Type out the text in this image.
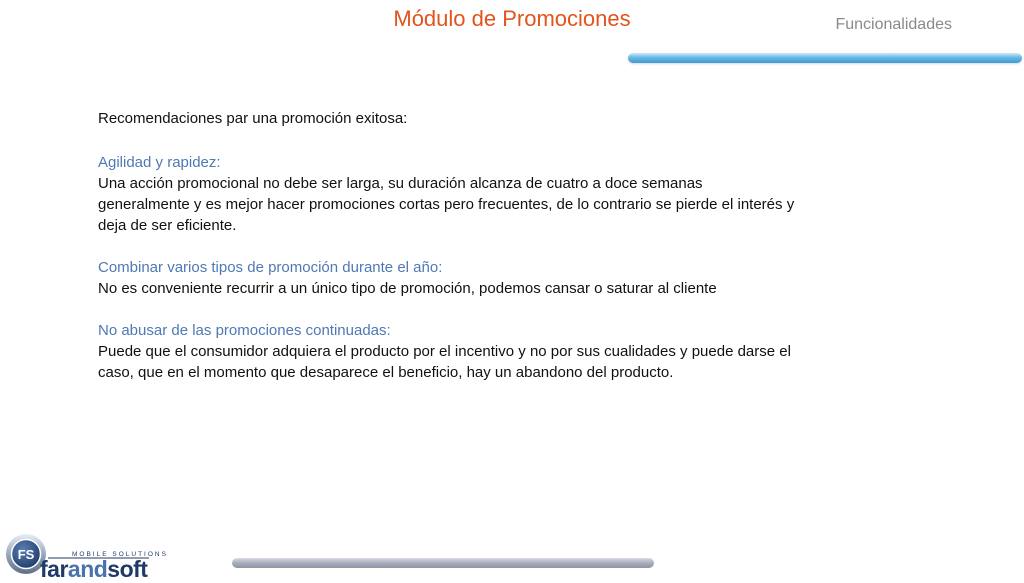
Módulo de Promociones	Funcionalidades

Recomendaciones par una promoción exitosa:

Agilidad y rapidez:
Una acción promocional no debe ser larga, su duración alcanza de cuatro a doce semanas generalmente y es mejor hacer promociones cortas pero frecuentes, de lo contrario se pierde el interés y deja de ser eficiente.
Combinar varios tipos de promoción durante el año:
No es conveniente recurrir a un único tipo de promoción, podemos cansar o saturar al cliente
No abusar de las promociones continuadas:
Puede que el consumidor adquiera el producto por el incentivo y no por sus cualidades y puede darse el caso, que en el momento que desaparece el beneficio, hay un abandono del producto.
FS	MOBILE SOLUTIONS
farandsoft
